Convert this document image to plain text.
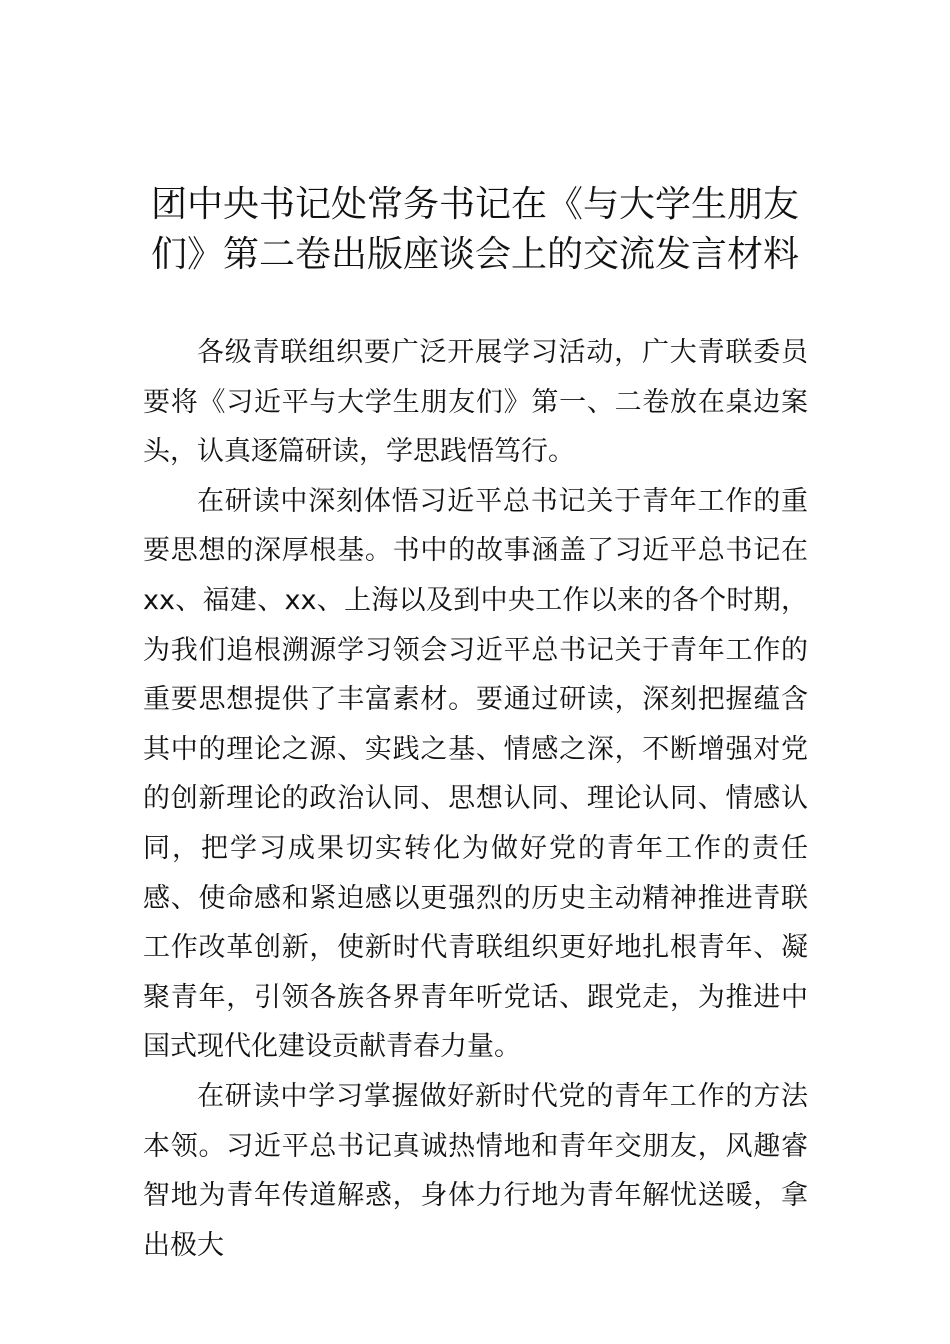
团中央书记处常务书记在《与大学生朋友们》第二卷出版座谈会上的交流发言材料

各级青联组织要广泛开展学习活动，广大青联委员要将《习近平与大学生朋友们》第一、二卷放在桌边案头，认真逐篇研读，学思践悟笃行。

在研读中深刻体悟习近平总书记关于青年工作的重要思想的深厚根基。书中的故事涵盖了习近平总书记在xx、福建、xx、上海以及到中央工作以来的各个时期，为我们追根溯源学习领会习近平总书记关于青年工作的重要思想提供了丰富素材。要通过研读，深刻把握蕴含其中的理论之源、实践之基、情感之深，不断增强对党的创新理论的政治认同、思想认同、理论认同、情感认同，把学习成果切实转化为做好党的青年工作的责任感、使命感和紧迫感以更强烈的历史主动精神推进青联工作改革创新，使新时代青联组织更好地扎根青年、凝聚青年，引领各族各界青年听党话、跟党走，为推进中国式现代化建设贡献青春力量。

在研读中学习掌握做好新时代党的青年工作的方法本领。习近平总书记真诚热情地和青年交朋友，风趣睿智地为青年传道解惑，身体力行地为青年解忧送暖，拿出极大
